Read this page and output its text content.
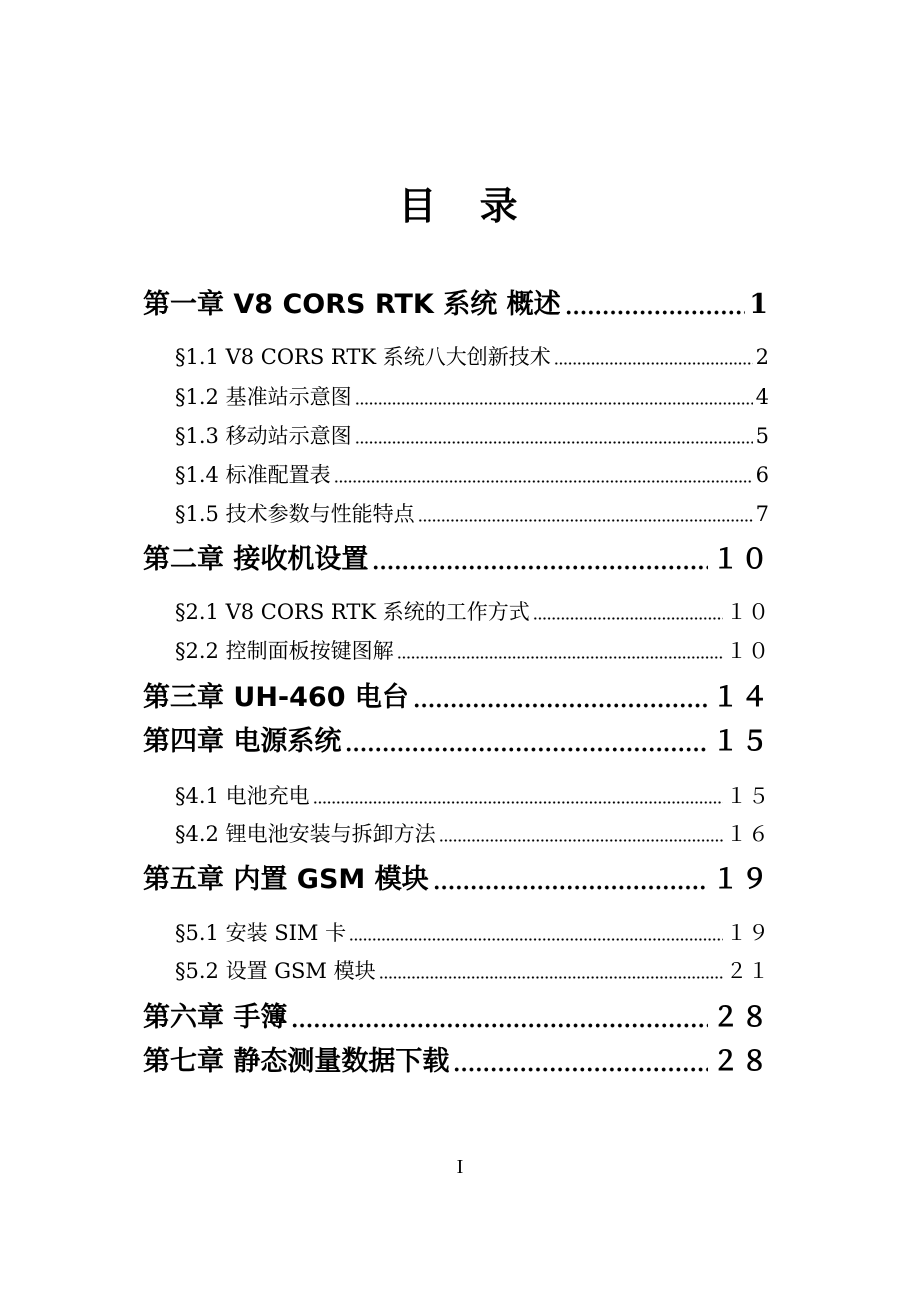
目 录
第一章 V8 CORS RTK 系统 概述	1
§1.1 V8 CORS RTK 系统八大创新技术	2
§1.2 基准站示意图	4
§1.3 移动站示意图	5
§1.4 标准配置表	6
§1.5 技术参数与性能特点	7
第二章 接收机设置	１０
§2.1 V8 CORS RTK 系统的工作方式	１０
§2.2 控制面板按键图解	１０
第三章 UH-460 电台	１４
第四章 电源系统	１５
§4.1 电池充电	１５
§4.2 锂电池安装与拆卸方法	１６
第五章 内置 GSM 模块	１９
§5.1 安装 SIM 卡	１９
§5.2 设置 GSM 模块	２１
第六章 手簿	２８
第七章 静态测量数据下载	２８
I
